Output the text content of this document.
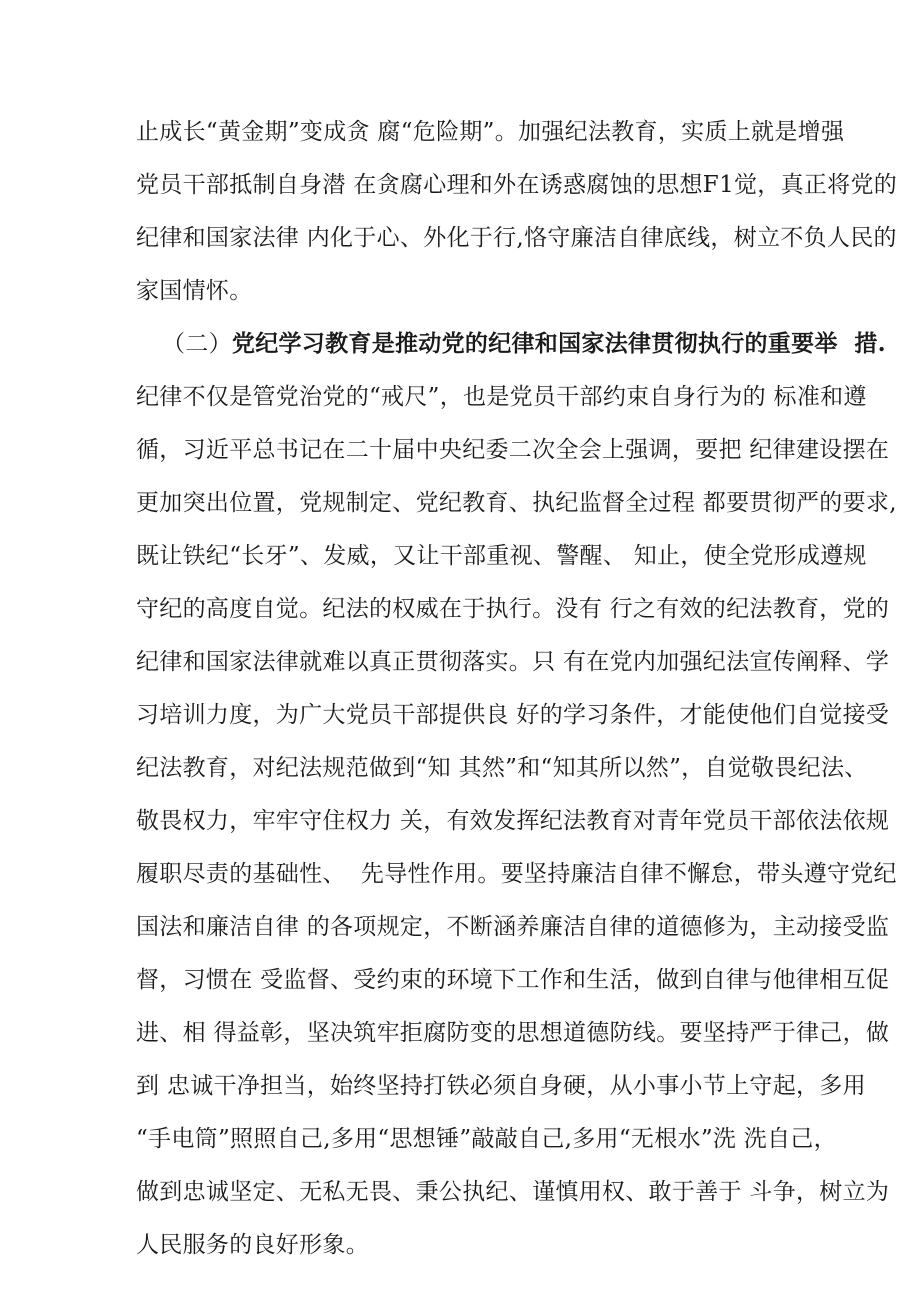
止成长“黄金期”变成贪 腐“危险期”。加强纪法教育，实质上就是增强
党员干部抵制自身潜 在贪腐心理和外在诱惑腐蚀的思想F1觉，真正将党的
纪律和国家法律 内化于心、外化于行,恪守廉洁自律底线，树立不负人民的
家国情怀。
（二）党纪学习教育是推动党的纪律和国家法律贯彻执行的重要举  措.
纪律不仅是管党治党的“戒尺”，也是党员干部约束自身行为的 标准和遵
循，习近平总书记在二十届中央纪委二次全会上强调，要把 纪律建设摆在
更加突出位置，党规制定、党纪教育、执纪监督全过程 都要贯彻严的要求,
既让铁纪“长牙”、发威，又让干部重视、警醒、 知止，使全党形成遵规
守纪的高度自觉。纪法的权威在于执行。没有 行之有效的纪法教育，党的
纪律和国家法律就难以真正贯彻落实。只 有在党内加强纪法宣传阐释、学
习培训力度，为广大党员干部提供良 好的学习条件，才能使他们自觉接受
纪法教育，对纪法规范做到“知 其然”和“知其所以然”，自觉敬畏纪法、
敬畏权力，牢牢守住权力 关，有效发挥纪法教育对青年党员干部依法依规
履职尽责的基础性、  先导性作用。要坚持廉洁自律不懈怠，带头遵守党纪
国法和廉洁自律 的各项规定，不断涵养廉洁自律的道德修为，主动接受监
督，习惯在 受监督、受约束的环境下工作和生活，做到自律与他律相互促
进、相 得益彰，坚决筑牢拒腐防变的思想道德防线。要坚持严于律己，做
到 忠诚干净担当，始终坚持打铁必须自身硬，从小事小节上守起，多用
“手电筒”照照自己,多用“思想锤”敲敲自己,多用“无根水”洗 洗自己，
做到忠诚坚定、无私无畏、秉公执纪、谨慎用权、敢于善于 斗争，树立为
人民服务的良好形象。
